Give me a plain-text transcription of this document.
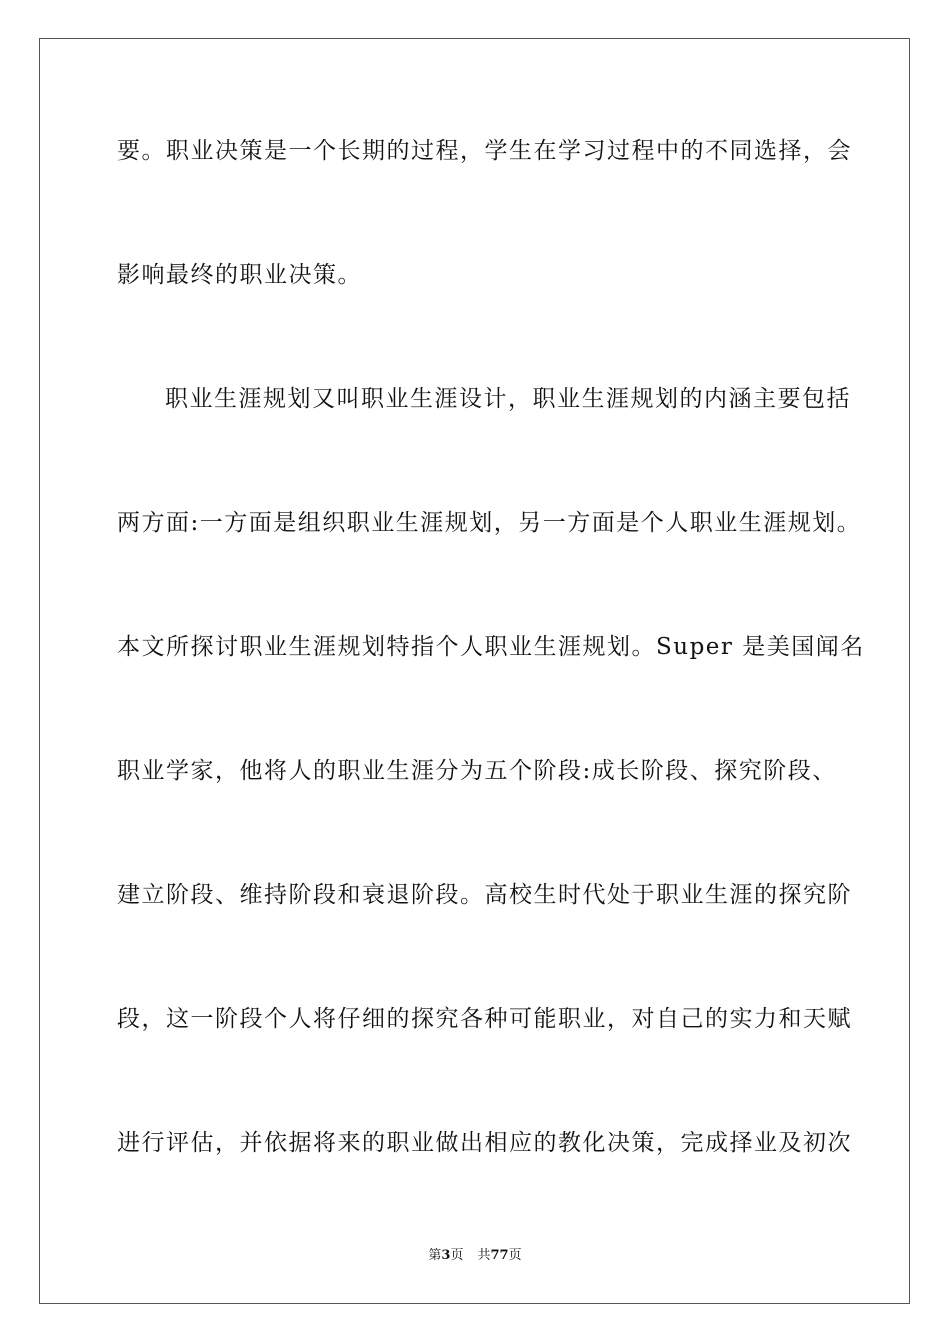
要。职业决策是一个长期的过程，学生在学习过程中的不同选择，会
影响最终的职业决策。
职业生涯规划又叫职业生涯设计，职业生涯规划的内涵主要包括
两方面:一方面是组织职业生涯规划，另一方面是个人职业生涯规划。
本文所探讨职业生涯规划特指个人职业生涯规划。Super 是美国闻名
职业学家，他将人的职业生涯分为五个阶段:成长阶段、探究阶段、
建立阶段、维持阶段和衰退阶段。高校生时代处于职业生涯的探究阶
段，这一阶段个人将仔细的探究各种可能职业，对自己的实力和天赋
进行评估，并依据将来的职业做出相应的教化决策，完成择业及初次
第3页 共77页
